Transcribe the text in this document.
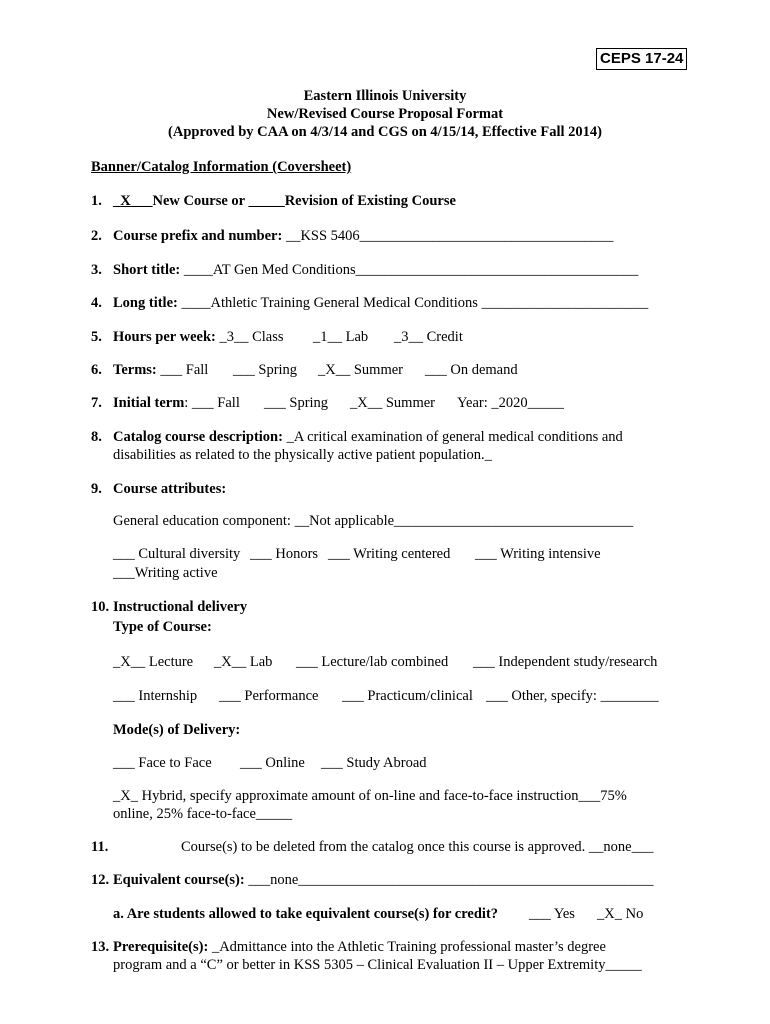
CEPS 17-24
Eastern Illinois University
New/Revised Course Proposal Format
(Approved by CAA on 4/3/14 and CGS on 4/15/14, Effective Fall 2014)
Banner/Catalog Information (Coversheet)
1. _X___New Course or _____Revision of Existing Course
2. Course prefix and number: __KSS 5406___________________________________
3. Short title: ____AT Gen Med Conditions_______________________________________
4. Long title: ____Athletic Training General Medical Conditions _______________________
5. Hours per week: _3__ Class _1__ Lab _3__ Credit
6. Terms: ___ Fall ___ Spring _X__ Summer ___ On demand
7. Initial term: ___ Fall ___ Spring _X__ Summer Year: _2020_____
8. Catalog course description: _A critical examination of general medical conditions and
disabilities as related to the physically active patient population._
9. Course attributes:
General education component: __Not applicable_________________________________
___ Cultural diversity ___ Honors ___ Writing centered ___ Writing intensive
___Writing active
10. Instructional delivery
Type of Course:
_X__ Lecture _X__ Lab ___ Lecture/lab combined ___ Independent study/research
___ Internship ___ Performance ___ Practicum/clinical ___ Other, specify: ________
Mode(s) of Delivery:
___ Face to Face ___ Online ___ Study Abroad
_X_ Hybrid, specify approximate amount of on-line and face-to-face instruction___75%
online, 25% face-to-face_____
11.	Course(s) to be deleted from the catalog once this course is approved. __none___
12. Equivalent course(s): ___none_________________________________________________
a. Are students allowed to take equivalent course(s) for credit? ___ Yes _X_ No
13. Prerequisite(s): _Admittance into the Athletic Training professional master’s degree
program and a “C” or better in KSS 5305 – Clinical Evaluation II – Upper Extremity_____
